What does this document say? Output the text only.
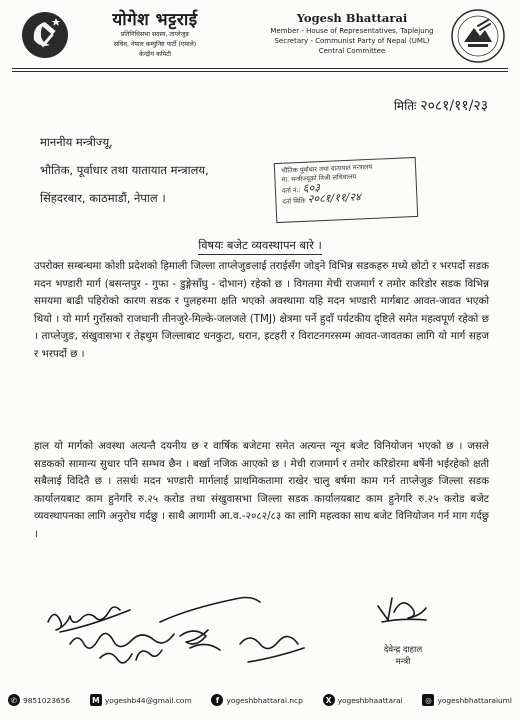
योगेश भट्टराई
प्रतिनिधिसभा सदस्य, ताप्लेजुङ
सचिव, नेपाल कम्युनिष्ट पार्टी (एमाले)
केन्द्रीय कमिटी
Yogesh Bhattarai
Member - House of Representatives, Taplejung
Secretary - Communist Party of Nepal (UML)
Central Committee
मितिः २०८१/११/२३
माननीय मन्त्रीज्यू,
भौतिक, पूर्वाधार तथा यातायात मन्त्रालय,
सिंहदरबार, काठमाडौं, नेपाल ।
भौतिक पूर्वाधार तथा यातायात मन्त्रालय
मा. मन्त्रीज्यूको निजी सचिवालय
दर्ता नं.: ६०३
दर्ता मितिः २०८१/११/२४
विषयः बजेट व्यवस्थापन बारे ।
उपरोक्त सम्बन्धमा कोशी प्रदेशको हिमाली जिल्ला ताप्लेजुङलाई तराईसँग जोड्ने विभिन्न सडकहरु मध्ये छोटो र भरपर्दो सडक मदन भण्डारी मार्ग (बसन्तपुर - गुफा - डुङ्गेसाँघु - दोभान) रहेको छ । विगतमा मेची राजमार्ग र तमोर करिडोर सडक विभिन्न समयमा बाढी पहिरोको कारण सडक र पुलहरुमा क्षति भएको अवस्थामा यहि मदन भण्डारी मार्गबाट आवत-जावत भएको थियो । यो मार्ग गुराँसको राजधानी तीनजुरे-मिल्के-जलजले (TMJ) क्षेत्रमा पर्ने हुदाँ पर्यटकीय दृष्टिले समेत महत्वपूर्ण रहेको छ । ताप्लेजुङ, संखुवासभा र तेह्रथुम जिल्लाबाट धनकुटा, धरान, इटहरी र विराटनगरसम्म आवत-जावतका लागि यो मार्ग सहज र भरपर्दो छ ।
हाल यो मार्गको अवस्था अत्यन्तै दयनीय छ र वार्षिक बजेटमा समेत अत्यन्त न्यून बजेट विनियोजन भएको छ । जसले सडकको सामान्य सुधार पनि सम्भव छैन । बर्खा नजिक आएको छ । मेची राजमार्ग र तमोर करिडोरमा बर्षेनी भईरहेको क्षती सबैलाई विदितै छ । तसर्थः मदन भण्डारी मार्गलाई प्राथमिकतामा राखेर चालु बर्षमा काम गर्न ताप्लेजुङ जिल्ला सडक कार्यालयबाट काम हुनेगरि रु.२५ करोड तथा संखुवासभा जिल्ला सडक कार्यालयबाट काम हुनेगरि रु.२५ करोड बजेट व्यवस्थापनका लागि अनुरोध गर्दछु । साथै आगामी आ.व.-२०८२/८३ का लागि महत्वका साथ बजेट विनियोजन गर्न माग गर्दछु ।
देवेन्द्र दाहाल
मन्त्री
✆ 9851023656	M yogeshb44@gmail.com	f yogeshbhattarai.ncp	X yogeshbhaattarai	◎ yogeshbhattaraiuml
